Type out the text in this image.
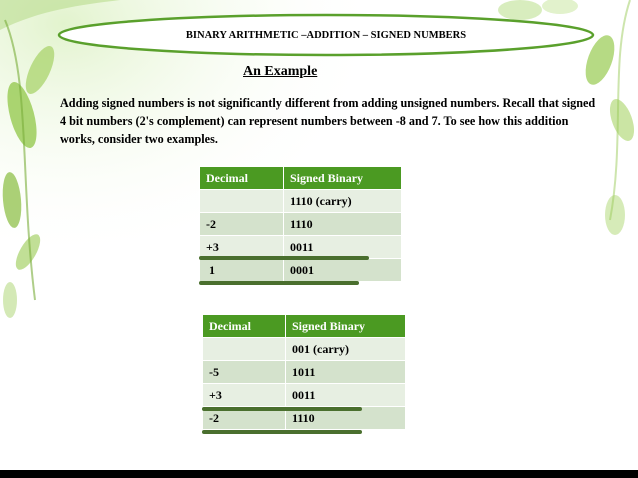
BINARY ARITHMETIC –ADDITION – SIGNED NUMBERS
An Example
Adding signed numbers is not significantly different from adding unsigned numbers. Recall that signed 4 bit numbers (2's complement) can represent numbers between -8 and 7. To see how this addition works, consider two examples.
Decimal	Signed Binary
	1110 (carry)
-2	1110
+3	0011
1	0001
Decimal	Signed Binary
	001 (carry)
-5	1011
+3	0011
-2	1110
